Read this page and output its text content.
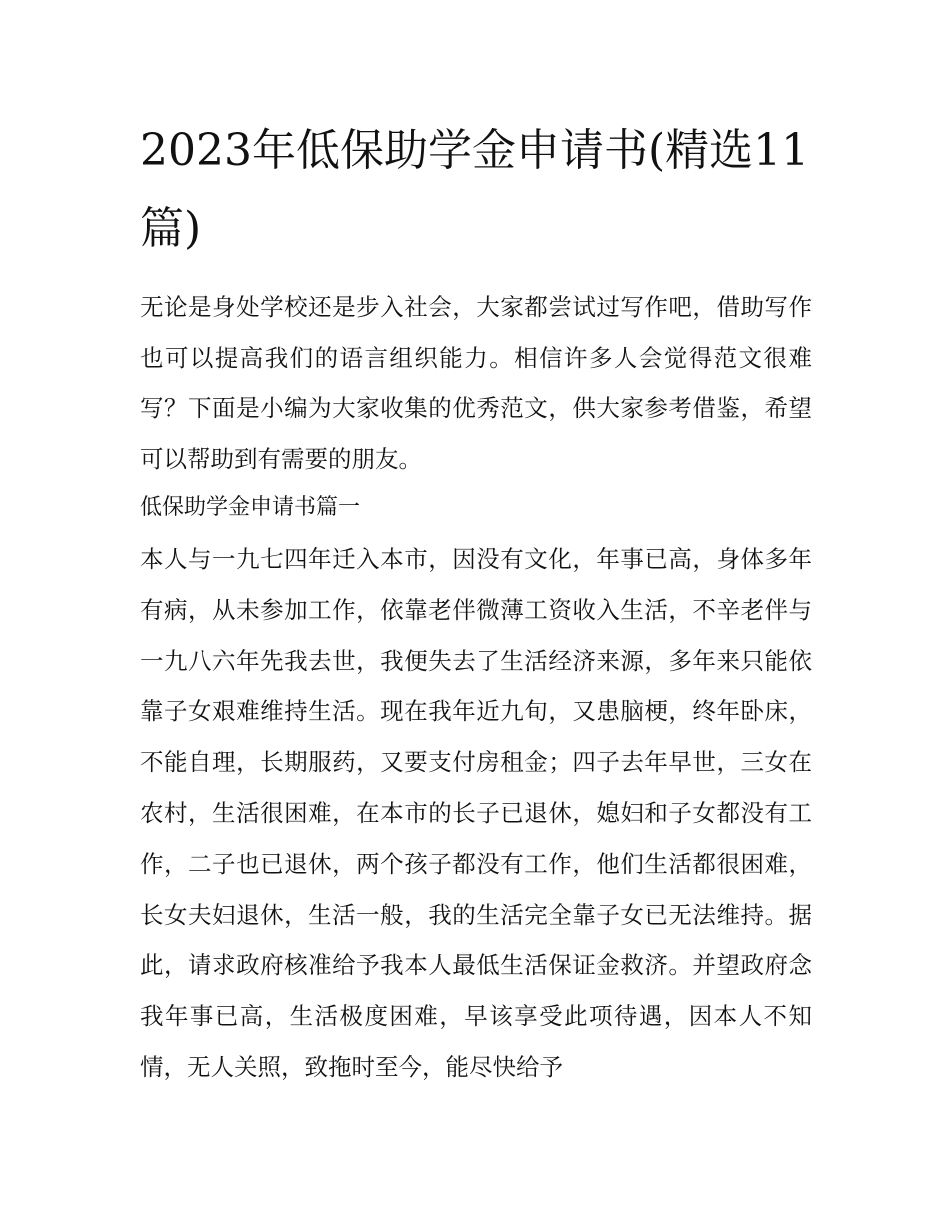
2023年低保助学金申请书(精选11篇)

无论是身处学校还是步入社会，大家都尝试过写作吧，借助写作也可以提高我们的语言组织能力。相信许多人会觉得范文很难写？下面是小编为大家收集的优秀范文，供大家参考借鉴，希望可以帮助到有需要的朋友。

低保助学金申请书篇一

本人与一九七四年迁入本市，因没有文化，年事已高，身体多年有病，从未参加工作，依靠老伴微薄工资收入生活，不辛老伴与一九八六年先我去世，我便失去了生活经济来源，多年来只能依靠子女艰难维持生活。现在我年近九旬，又患脑梗，终年卧床，不能自理，长期服药，又要支付房租金；四子去年早世，三女在农村，生活很困难，在本市的长子已退休，媳妇和子女都没有工作，二子也已退休，两个孩子都没有工作，他们生活都很困难，长女夫妇退休，生活一般，我的生活完全靠子女已无法维持。据此，请求政府核准给予我本人最低生活保证金救济。并望政府念我年事已高，生活极度困难，早该享受此项待遇，因本人不知情，无人关照，致拖时至今，能尽快给予
